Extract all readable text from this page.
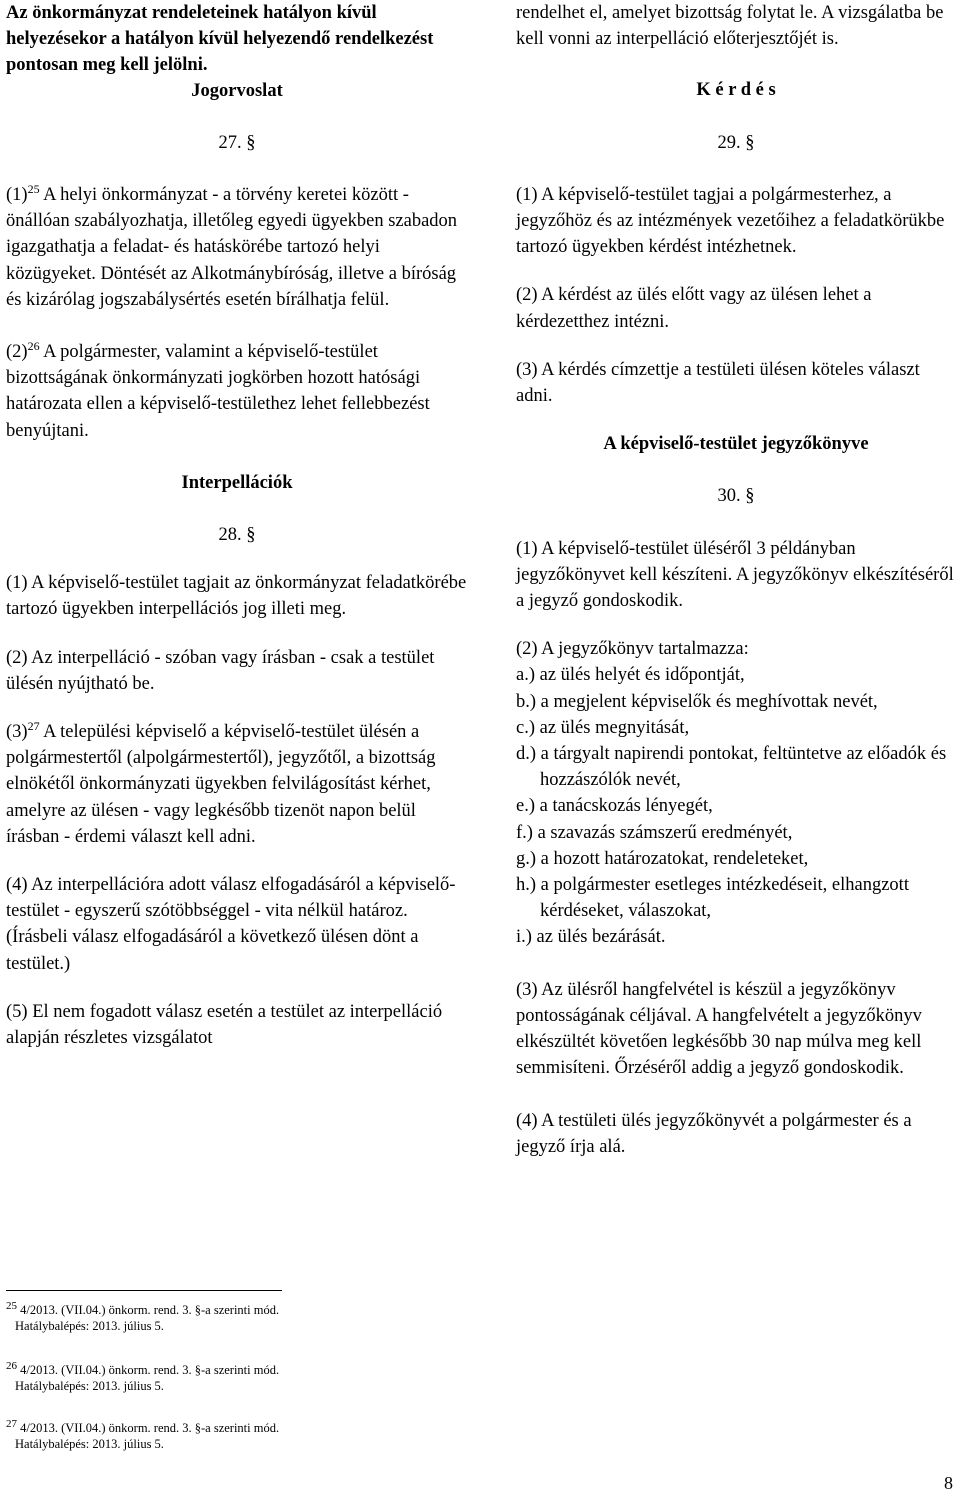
Az önkormányzat rendeleteinek hatályon kívül helyezésekor a hatályon kívül helyezendő rendelkezést pontosan meg kell jelölni.

Jogorvoslat

27. §

$(1)^{25}$ A helyi önkormányzat - a törvény keretei között - önállóan szabályozhatja, illetőleg egyedi ügyekben szabadon igazgathatja a feladat- és hatáskörébe tartozó helyi közügyeket. Döntését az Alkotmánybíróság, illetve a bíróság és kizárólag jogszabálysértés esetén bírálhatja felül.

$(2)^{26}$ A polgármester, valamint a képviselő-testület bizottságának önkormányzati jogkörben hozott hatósági határozata ellen a képviselő-testülethez lehet fellebbezést benyújtani.

Interpellációk

28. §

(1) A képviselő-testület tagjait az önkormányzat feladatkörébe tartozó ügyekben interpellációs jog illeti meg.

(2) Az interpelláció - szóban vagy írásban - csak a testület ülésén nyújtható be.

$(3)^{27}$ A települési képviselő a képviselő-testület ülésén a polgármestertől (alpolgármestertől), jegyzőtől, a bizottság elnökétől önkormányzati ügyekben felvilágosítást kérhet, amelyre az ülésen - vagy legkésőbb tizenöt napon belül írásban - érdemi választ kell adni.

(4) Az interpellációra adott válasz elfogadásáról a képviselő-testület - egyszerű szótöbbséggel - vita nélkül határoz. (Írásbeli válasz elfogadásáról a következő ülésen dönt a testület.)

(5) El nem fogadott válasz esetén a testület az interpelláció alapján részletes vizsgálatot

rendelhet el, amelyet bizottság folytat le. A vizsgálatba be kell vonni az interpelláció előterjesztőjét is.

K é r d é s

29. §

(1) A képviselő-testület tagjai a polgármesterhez, a jegyzőhöz és az intézmények vezetőihez a feladatkörükbe tartozó ügyekben kérdést intézhetnek.

(2) A kérdést az ülés előtt vagy az ülésen lehet a kérdezetthez intézni.

(3) A kérdés címzettje a testületi ülésen köteles választ adni.

A képviselő-testület jegyzőkönyve

30. §

(1) A képviselő-testület üléséről 3 példányban jegyzőkönyvet kell készíteni. A jegyzőkönyv elkészítéséről a jegyző gondoskodik.

(2) A jegyzőkönyv tartalmazza:

a.) az ülés helyét és időpontját,

b.) a megjelent képviselők és meghívottak nevét,

c.) az ülés megnyitását,

d.) a tárgyalt napirendi pontokat, feltüntetve az előadók és hozzászólók nevét,

e.) a tanácskozás lényegét,

f.) a szavazás számszerű eredményét,

g.) a hozott határozatokat, rendeleteket,

h.) a polgármester esetleges intézkedéseit, elhangzott kérdéseket, válaszokat,

i.) az ülés bezárását.

(3) Az ülésről hangfelvétel is készül a jegyzőkönyv pontosságának céljával. A hangfelvételt a jegyzőkönyv elkészültét követően legkésőbb 30 nap múlva meg kell semmisíteni. Őrzéséről addig a jegyző gondoskodik.

(4) A testületi ülés jegyzőkönyvét a polgármester és a jegyző írja alá.

$^{25}$ 4/2013. (VII.04.) önkorm. rend. 3. §-a szerinti mód.
Hatálybalépés: 2013. július 5.
$^{26}$ 4/2013. (VII.04.) önkorm. rend. 3. §-a szerinti mód.
Hatálybalépés: 2013. július 5.
$^{27}$ 4/2013. (VII.04.) önkorm. rend. 3. §-a szerinti mód.
Hatálybalépés: 2013. július 5.
8
